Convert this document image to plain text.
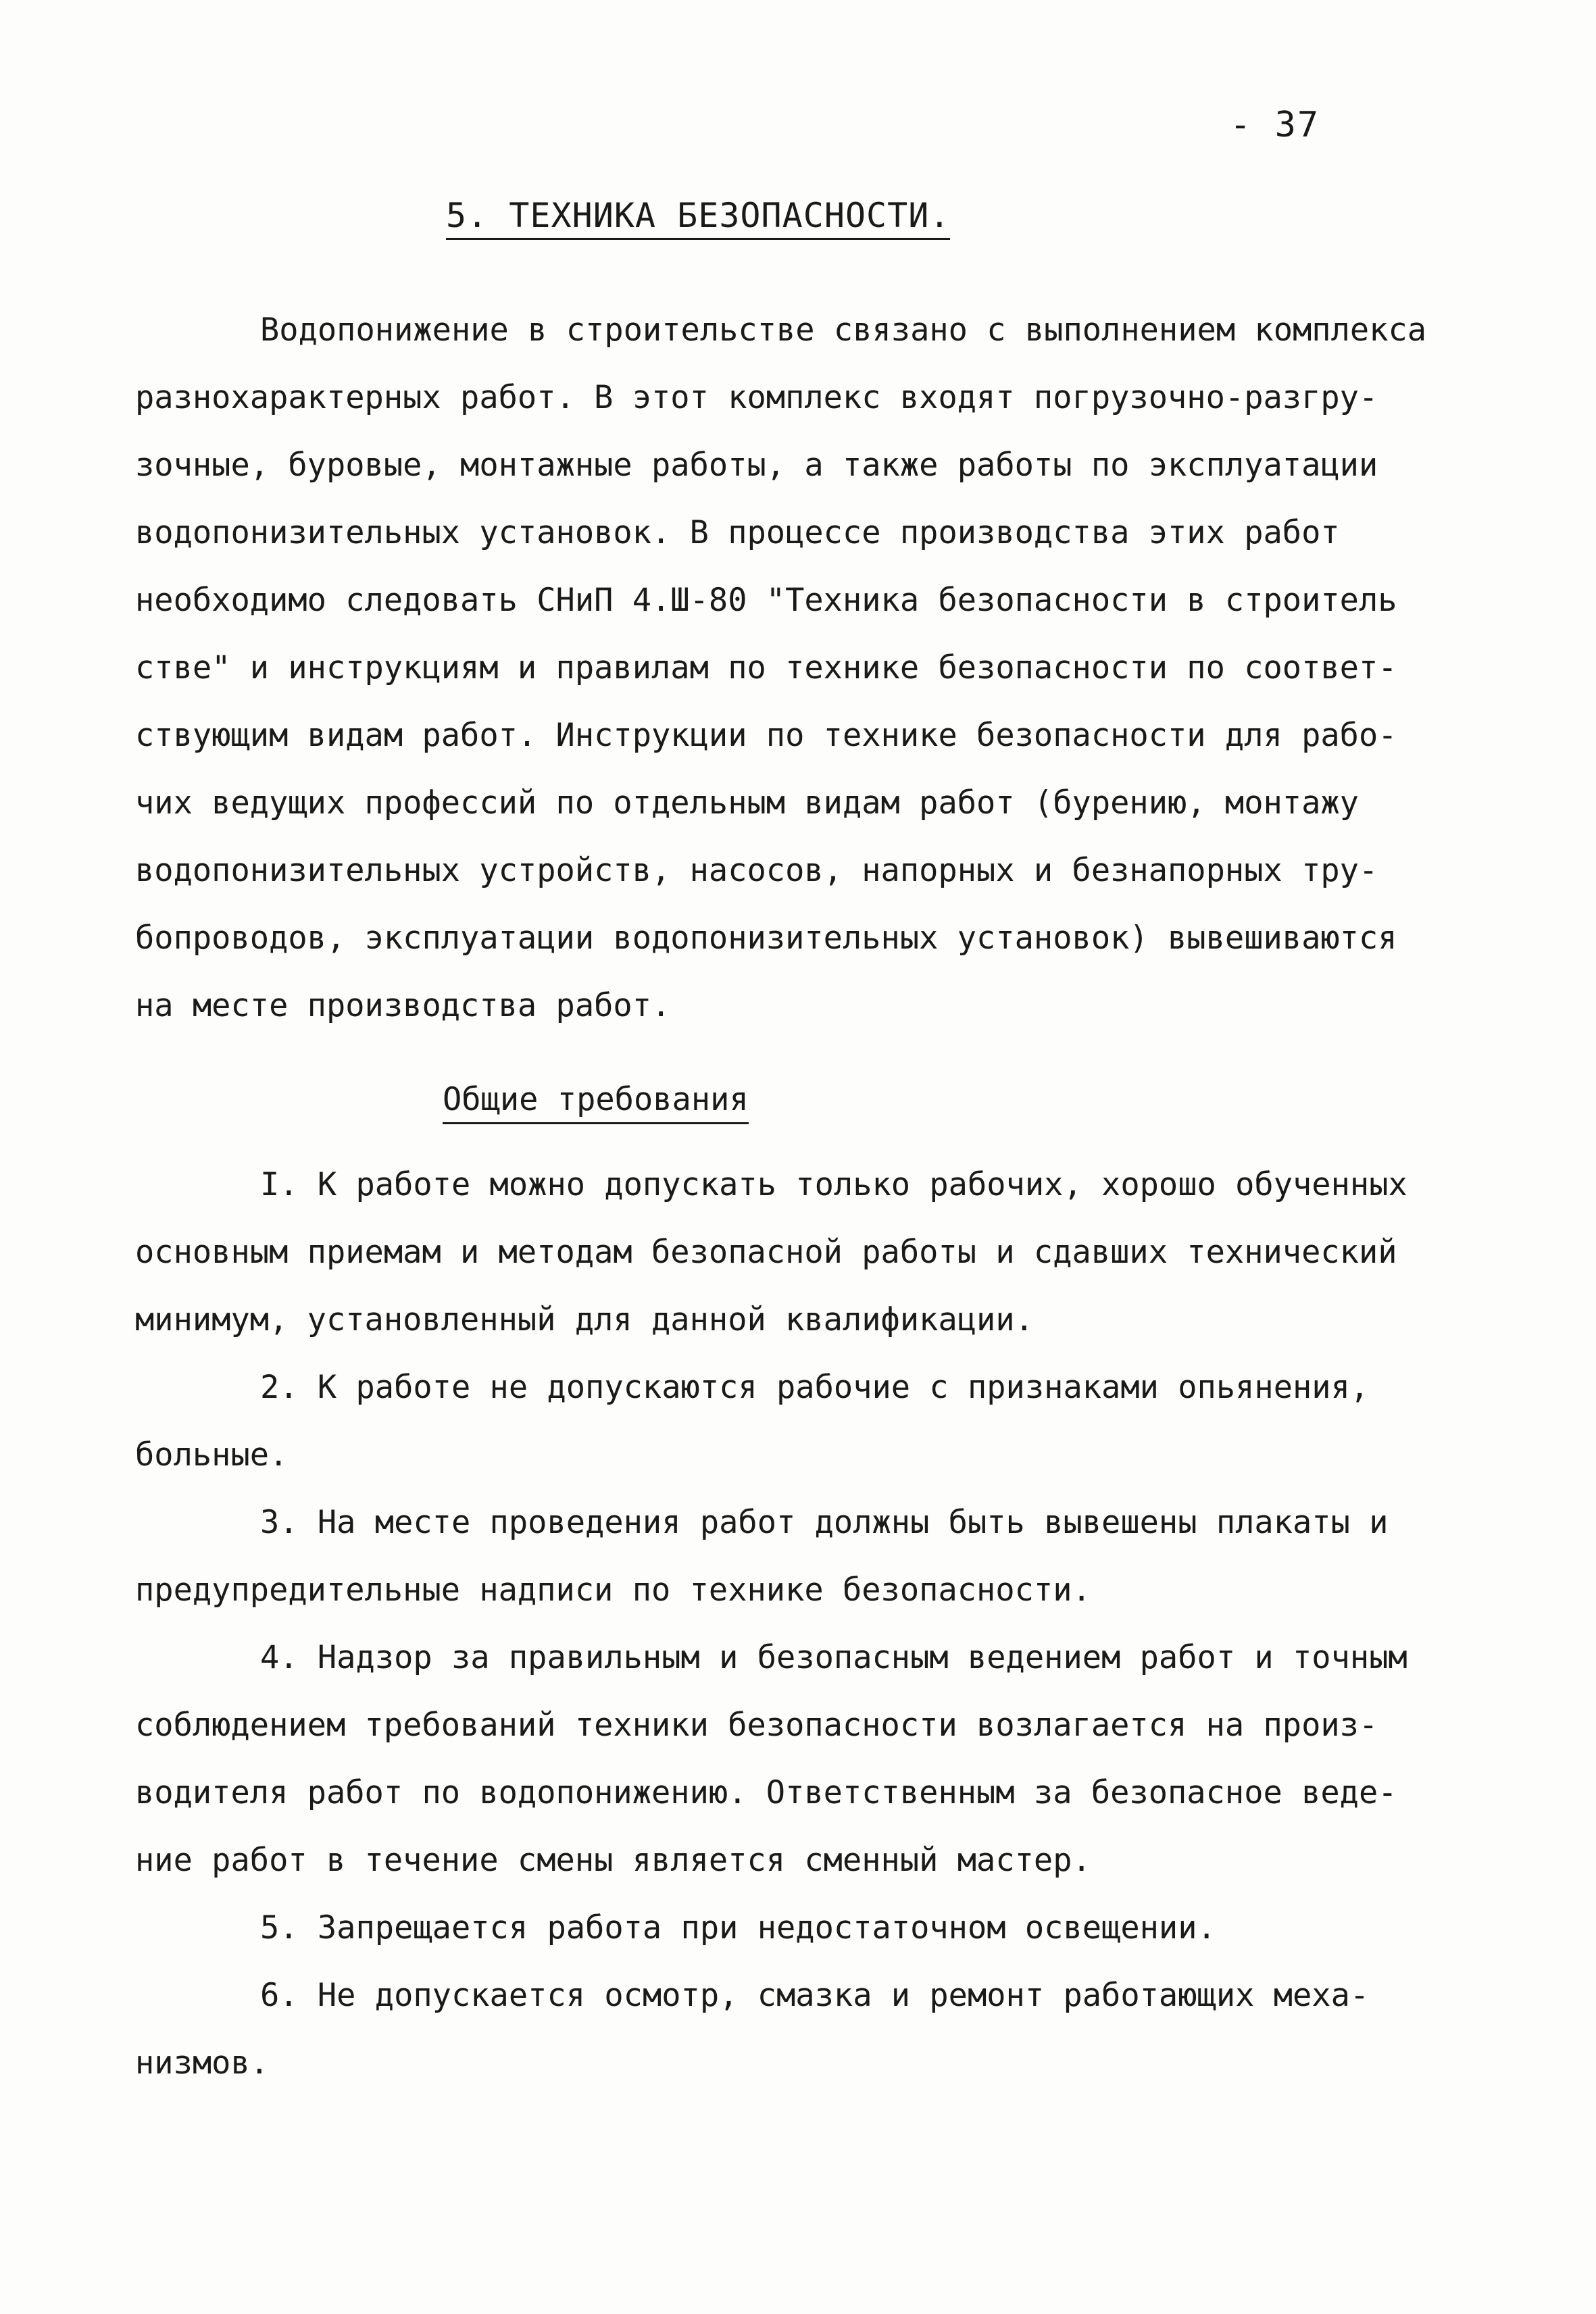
- 37
5. ТЕХНИКА БЕЗОПАСНОСТИ.
Водопонижение в строительстве связано с выполнением комплекса
разнохарактерных работ. В этот комплекс входят погрузочно-разгру-
зочные, буровые, монтажные работы, а также работы по эксплуатации
водопонизительных установок. В процессе производства этих работ
необходимо следовать СНиП 4.Ш-80 "Техника безопасности в строитель
стве" и инструкциям и правилам по технике безопасности по соответ-
ствующим видам работ. Инструкции по технике безопасности для рабо-
чих ведущих профессий по отдельным видам работ (бурению, монтажу
водопонизительных устройств, насосов, напорных и безнапорных тру-
бопроводов, эксплуатации водопонизительных установок) вывешиваются
на месте производства работ.
Общие требования
I. К работе можно допускать только рабочих, хорошо обученных
основным приемам и методам безопасной работы и сдавших технический
минимум, установленный для данной квалификации.
2. К работе не допускаются рабочие с признаками опьянения,
больные.
3. На месте проведения работ должны быть вывешены плакаты и
предупредительные надписи по технике безопасности.
4. Надзор за правильным и безопасным ведением работ и точным
соблюдением требований техники безопасности возлагается на произ-
водителя работ по водопонижению. Ответственным за безопасное веде-
ние работ в течение смены является сменный мастер.
5. Запрещается работа при недостаточном освещении.
6. Не допускается осмотр, смазка и ремонт работающих меха-
низмов.
